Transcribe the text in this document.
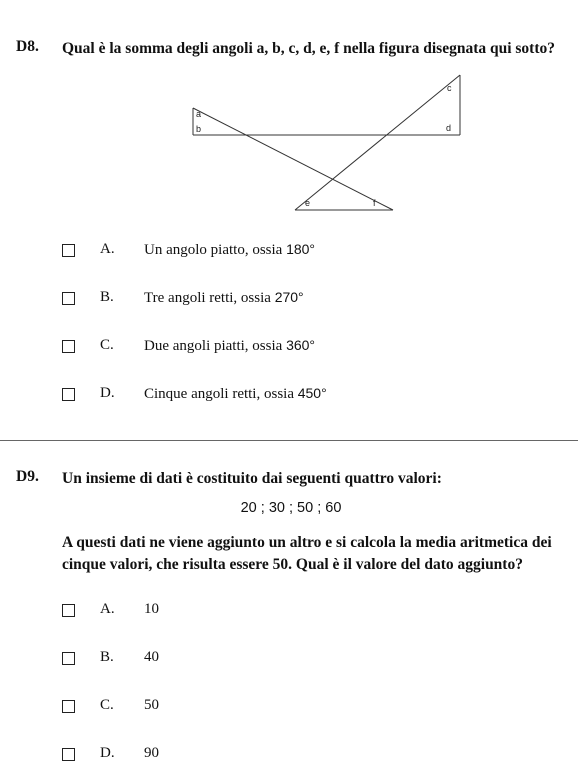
D8. Qual è la somma degli angoli a, b, c, d, e, f nella figura disegnata qui sotto?
a
b
c
d
e	f
A. Un angolo piatto, ossia 180°
B. Tre angoli retti, ossia 270°
C. Due angoli piatti, ossia 360°
D. Cinque angoli retti, ossia 450°
D9. Un insieme di dati è costituito dai seguenti quattro valori:
20 ; 30 ; 50 ; 60
A questi dati ne viene aggiunto un altro e si calcola la media aritmetica dei
cinque valori, che risulta essere 50. Qual è il valore del dato aggiunto?
A. 10
B. 40
C. 50
D. 90
